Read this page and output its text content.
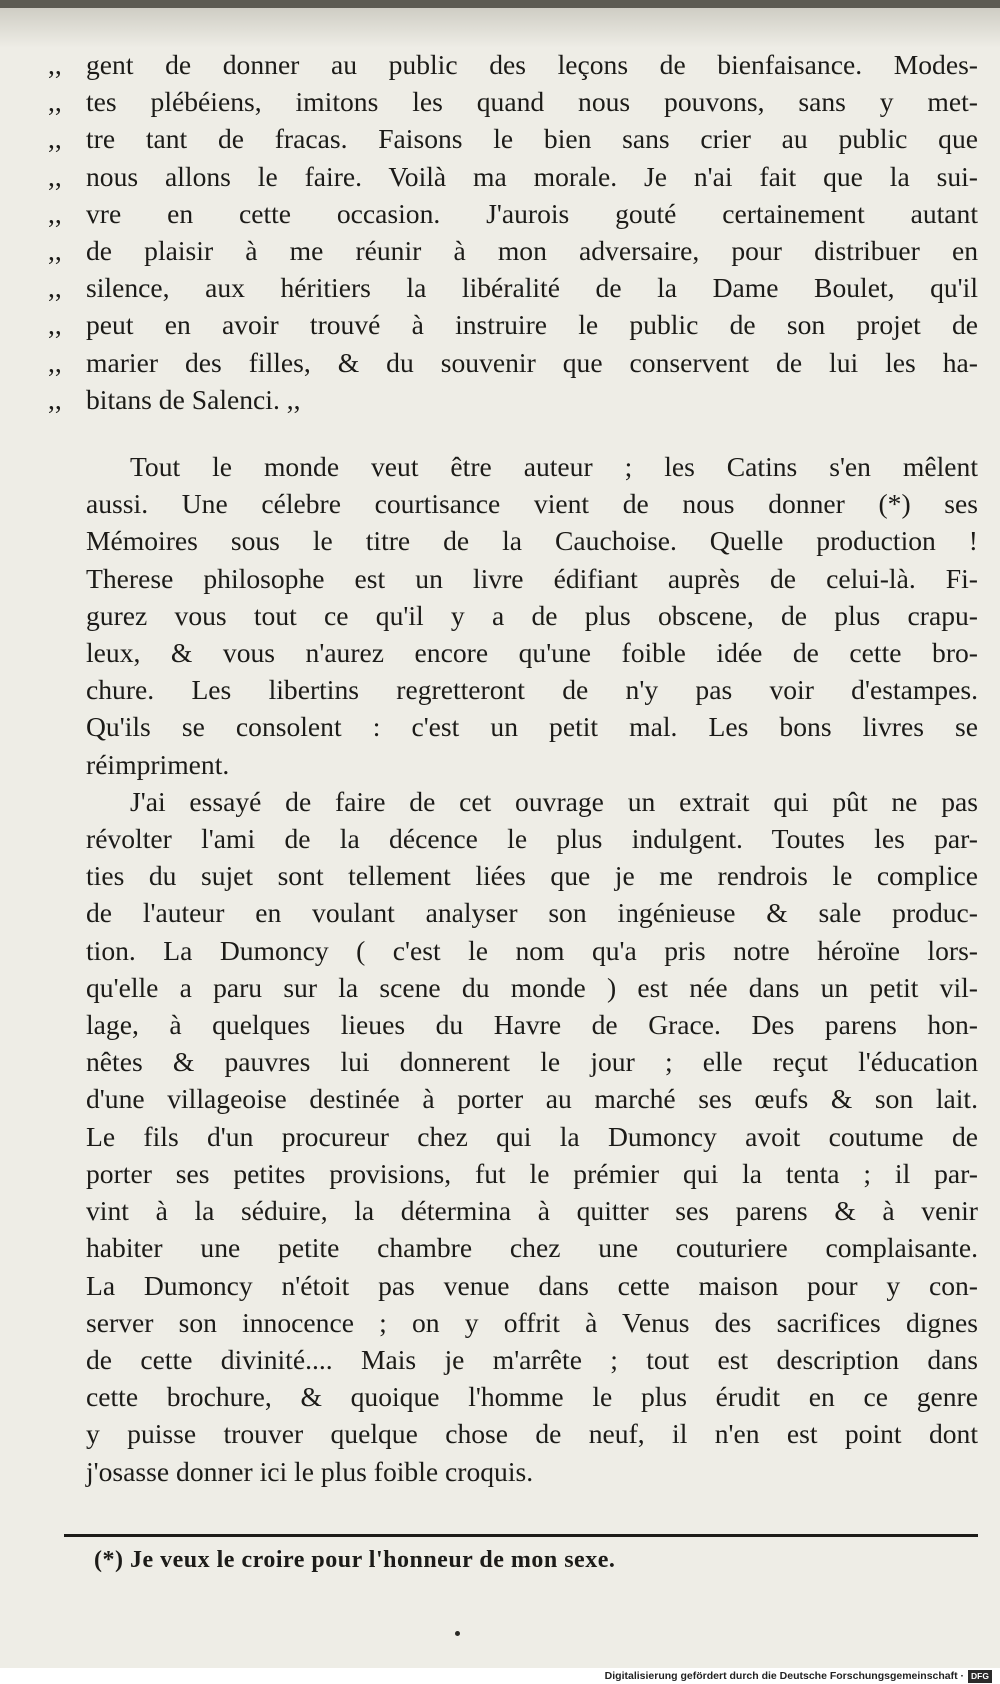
,, gent de donner au public des leçons de bienfaisance. Modes-
,, tes plébéiens, imitons les quand nous pouvons, sans y met-
,, tre tant de fracas. Faisons le bien sans crier au public que
,, nous allons le faire. Voilà ma morale. Je n'ai fait que la sui-
,, vre en cette occasion. J'aurois gouté certainement autant
,, de plaisir à me réunir à mon adversaire, pour distribuer en
,, silence, aux héritiers la libéralité de la Dame Boulet, qu'il
,, peut en avoir trouvé à instruire le public de son projet de
,, marier des filles, & du souvenir que conservent de lui les ha-
,, bitans de Salenci. ,,
Tout le monde veut être auteur ; les Catins s'en mêlent
aussi. Une célebre courtisance vient de nous donner (*) ses
Mémoires sous le titre de la Cauchoise. Quelle production !
Therese philosophe est un livre édifiant auprès de celui-là. Fi-
gurez vous tout ce qu'il y a de plus obscene, de plus crapu-
leux, & vous n'aurez encore qu'une foible idée de cette bro-
chure. Les libertins regretteront de n'y pas voir d'estampes.
Qu'ils se consolent : c'est un petit mal. Les bons livres se
réimpriment.
J'ai essayé de faire de cet ouvrage un extrait qui pût ne pas
révolter l'ami de la décence le plus indulgent. Toutes les par-
ties du sujet sont tellement liées que je me rendrois le complice
de l'auteur en voulant analyser son ingénieuse & sale produc-
tion. La Dumoncy ( c'est le nom qu'a pris notre héroïne lors-
qu'elle a paru sur la scene du monde ) est née dans un petit vil-
lage, à quelques lieues du Havre de Grace. Des parens hon-
nêtes & pauvres lui donnerent le jour ; elle reçut l'éducation
d'une villageoise destinée à porter au marché ses œufs & son lait.
Le fils d'un procureur chez qui la Dumoncy avoit coutume de
porter ses petites provisions, fut le prémier qui la tenta ; il par-
vint à la séduire, la détermina à quitter ses parens & à venir
habiter une petite chambre chez une couturiere complaisante.
La Dumoncy n'étoit pas venue dans cette maison pour y con-
server son innocence ; on y offrit à Venus des sacrifices dignes
de cette divinité.... Mais je m'arrête ; tout est description dans
cette brochure, & quoique l'homme le plus érudit en ce genre
y puisse trouver quelque chose de neuf, il n'en est point dont
j'osasse donner ici le plus foible croquis.
(*) Je veux le croire pour l'honneur de mon sexe.
Digitalisierung gefördert durch die Deutsche Forschungsgemeinschaft · DFG
